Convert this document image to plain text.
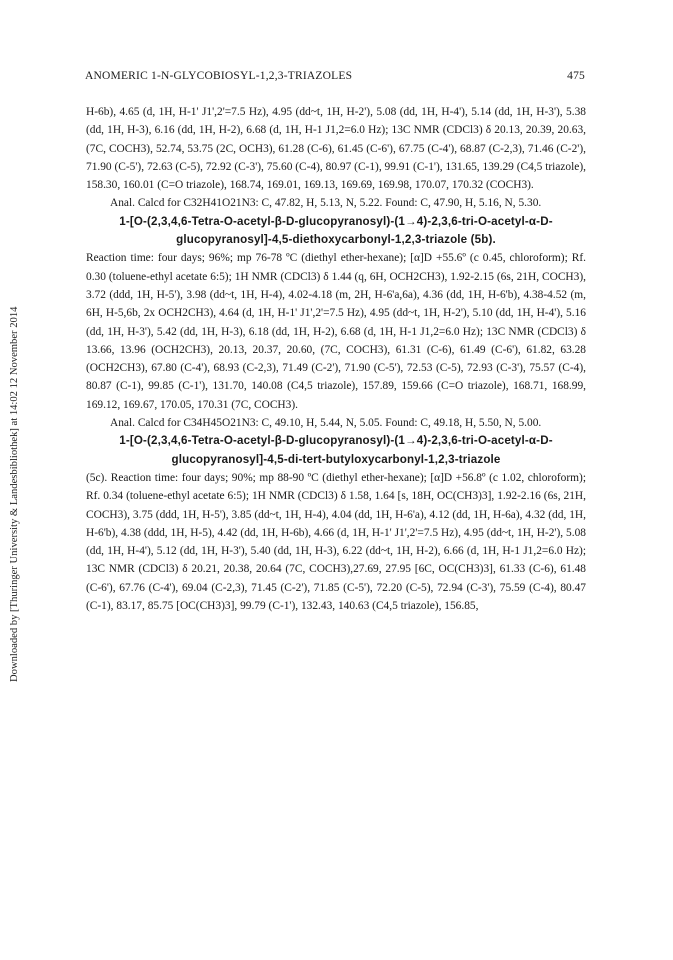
ANOMERIC 1-N-GLYCOBIOSYL-1,2,3-TRIAZOLES	475
Downloaded by [Thuringer University & Landesbibliothek] at 14:02 12 November 2014

H-6b), 4.65 (d, 1H, H-1' J1',2'=7.5 Hz), 4.95 (dd~t, 1H, H-2'), 5.08 (dd, 1H, H-4'), 5.14 (dd, 1H, H-3'), 5.38 (dd, 1H, H-3), 6.16 (dd, 1H, H-2), 6.68 (d, 1H, H-1 J1,2=6.0 Hz); 13C NMR (CDCl3) δ 20.13, 20.39, 20.63, (7C, COCH3), 52.74, 53.75 (2C, OCH3), 61.28 (C-6), 61.45 (C-6'), 67.75 (C-4'), 68.87 (C-2,3), 71.46 (C-2'), 71.90 (C-5'), 72.63 (C-5), 72.92 (C-3'), 75.60 (C-4), 80.97 (C-1), 99.91 (C-1'), 131.65, 139.29 (C4,5 triazole), 158.30, 160.01 (C=O triazole), 168.74, 169.01, 169.13, 169.69, 169.98, 170.07, 170.32 (COCH3).

Anal. Calcd for C32H41O21N3: C, 47.82, H, 5.13, N, 5.22. Found: C, 47.90, H, 5.16, N, 5.30.

1-[O-(2,3,4,6-Tetra-O-acetyl-β-D-glucopyranosyl)-(1→4)-2,3,6-tri-O-acetyl-α-D-glucopyranosyl]-4,5-diethoxycarbonyl-1,2,3-triazole (5b).

Reaction time: four days; 96%; mp 76-78 ºC (diethyl ether-hexane); [α]D +55.6º (c 0.45, chloroform); Rf. 0.30 (toluene-ethyl acetate 6:5); 1H NMR (CDCl3) δ 1.44 (q, 6H, OCH2CH3), 1.92-2.15 (6s, 21H, COCH3), 3.72 (ddd, 1H, H-5'), 3.98 (dd~t, 1H, H-4), 4.02-4.18 (m, 2H, H-6'a,6a), 4.36 (dd, 1H, H-6'b), 4.38-4.52 (m, 6H, H-5,6b, 2x OCH2CH3), 4.64 (d, 1H, H-1' J1',2'=7.5 Hz), 4.95 (dd~t, 1H, H-2'), 5.10 (dd, 1H, H-4'), 5.16 (dd, 1H, H-3'), 5.42 (dd, 1H, H-3), 6.18 (dd, 1H, H-2), 6.68 (d, 1H, H-1 J1,2=6.0 Hz); 13C NMR (CDCl3) δ 13.66, 13.96 (OCH2CH3), 20.13, 20.37, 20.60, (7C, COCH3), 61.31 (C-6), 61.49 (C-6'), 61.82, 63.28 (OCH2CH3), 67.80 (C-4'), 68.93 (C-2,3), 71.49 (C-2'), 71.90 (C-5'), 72.53 (C-5), 72.93 (C-3'), 75.57 (C-4), 80.87 (C-1), 99.85 (C-1'), 131.70, 140.08 (C4,5 triazole), 157.89, 159.66 (C=O triazole), 168.71, 168.99, 169.12, 169.67, 170.05, 170.31 (7C, COCH3).

Anal. Calcd for C34H45O21N3: C, 49.10, H, 5.44, N, 5.05. Found: C, 49.18, H, 5.50, N, 5.00.

1-[O-(2,3,4,6-Tetra-O-acetyl-β-D-glucopyranosyl)-(1→4)-2,3,6-tri-O-acetyl-α-D-glucopyranosyl]-4,5-di-tert-butyloxycarbonyl-1,2,3-triazole

(5c). Reaction time: four days; 90%; mp 88-90 ºC (diethyl ether-hexane); [α]D +56.8º (c 1.02, chloroform); Rf. 0.34 (toluene-ethyl acetate 6:5); 1H NMR (CDCl3) δ 1.58, 1.64 [s, 18H, OC(CH3)3], 1.92-2.16 (6s, 21H, COCH3), 3.75 (ddd, 1H, H-5'), 3.85 (dd~t, 1H, H-4), 4.04 (dd, 1H, H-6'a), 4.12 (dd, 1H, H-6a), 4.32 (dd, 1H, H-6'b), 4.38 (ddd, 1H, H-5), 4.42 (dd, 1H, H-6b), 4.66 (d, 1H, H-1' J1',2'=7.5 Hz), 4.95 (dd~t, 1H, H-2'), 5.08 (dd, 1H, H-4'), 5.12 (dd, 1H, H-3'), 5.40 (dd, 1H, H-3), 6.22 (dd~t, 1H, H-2), 6.66 (d, 1H, H-1 J1,2=6.0 Hz); 13C NMR (CDCl3) δ 20.21, 20.38, 20.64 (7C, COCH3),27.69, 27.95 [6C, OC(CH3)3], 61.33 (C-6), 61.48 (C-6'), 67.76 (C-4'), 69.04 (C-2,3), 71.45 (C-2'), 71.85 (C-5'), 72.20 (C-5), 72.94 (C-3'), 75.59 (C-4), 80.47 (C-1), 83.17, 85.75 [OC(CH3)3], 99.79 (C-1'), 132.43, 140.63 (C4,5 triazole), 156.85,
